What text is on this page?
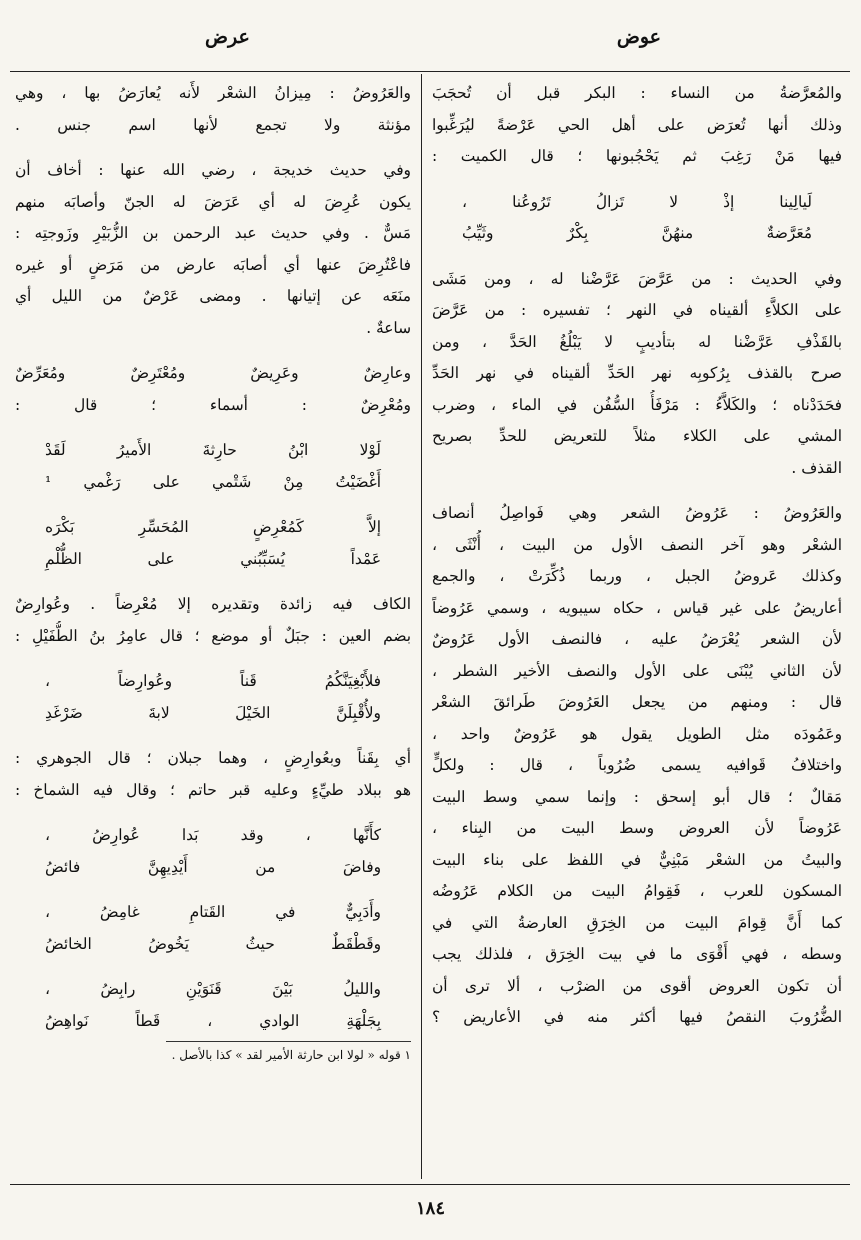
عوض
عرض
والمُعرَّضةُ من النساء : البكر قبل أن تُحجَبَ
وذلك أنها تُعرَض على أهل الحي عَرْضةً ليُرَغِّبوا
فيها مَنْ رَغِبَ ثم يَحْجُبونها ؛ قال الكميت :
لَيالِينا إذْ لا تَزالُ تَرُوعُنا ،
مُعَرَّضةٌ منهُنَّ بِكْرٌ وثَيِّبُ
وفي الحديث : من عَرَّضَ عَرَّضْنا له ، ومن مَشَى
على الكلاَّءِ ألقيناه في النهر ؛ تفسيره : من عَرَّضَ
بالقَذْفِ عَرَّضْنا له بتأديبٍ لا يَبْلُغُ الحَدَّ ، ومن
صرح بالقذف بِرُكوبِه نهر الحَدِّ ألقيناه في نهر الحَدِّ
فحَدَدْناه ؛ والكَلاَّءُ : مَرْفَأُ السُّفُن في الماء ، وضرب
المشي على الكلاء مثلاً للتعريض للحدِّ بصريح
القذف .
والعَرُوضُ : عَرُوضُ الشعر وهي فَواصِلُ أنصاف
الشعْر وهو آخر النصف الأول من البيت ، أُنْثَى ،
وكذلك عَروضُ الجبل ، وربما ذُكِّرَتْ ، والجمع
أعاريضُ على غير قياس ، حكاه سيبويه ، وسمي عَرُوضاً
لأن الشعر يُعْرَضُ عليه ، فالنصف الأول عَرُوضٌ
لأن الثاني يُبْنَى على الأول والنصف الأخير الشطر ،
قال : ومنهم من يجعل العَرُوضَ طَرائقَ الشعْر
وعَمُودَه مثل الطويل يقول هو عَرُوضٌ واحد ،
واختلافُ قَوافيه يسمى ضُرُوباً ، قال : ولكلٍّ
مَقالٌ ؛ قال أبو إسحق : وإنما سمي وسط البيت
عَرُوضاً لأن العروض وسط البيت من البِناء ،
والبيتُ من الشعْر مَبْنِيٌّ في اللفظ على بناء البيت
المسكون للعرب ، فَقِوامُ البيت من الكلام عَرُوضُه
كما أَنَّ قِوامَ البيت من الخِرَقِ العارضةُ التي في
وسطه ، فهي أَقْوَى ما في بيت الخِرَق ، فلذلك يجب
أن تكون العروض أقوى من الضرْب ، ألا ترى أن
الضُّرُوبَ النقصُ فيها أكثر منه في الأعاريض ؟
والعَرُوضُ : مِيزانُ الشعْر لأَنه يُعارَضُ بها ، وهي
مؤنثة ولا تجمع لأنها اسم جنس .
وفي حديث خديجة ، رضي الله عنها : أخاف أن
يكون عُرِضَ له أي عَرَضَ له الجنّ وأصابَه منهم
مَسٌّ . وفي حديث عبد الرحمن بن الزُّبَيْرِ وزَوجتِه :
فاعْتُرِضَ عنها أي أصابَه عارض من مَرَضٍ أو غيره
منَعَه عن إتيانها . ومضى عَرْضٌ من الليل أي
ساعةٌ .
وعارِضٌ وعَرِيضٌ ومُعْتَرِضٌ ومُعَرِّضٌ
ومُعْرِضٌ : أسماء ؛ قال :
لَوْلا ابْنُ حارِثةَ الأَميرُ لَقَدْ
أَغْضَيْتُ مِنْ شَتْمي على رَغْمي ¹
إلاَّ كَمُعْرِضٍ المُحَسِّرِ بَكْرَه
عَمْداً يُسَبِّبُني على الظُّلْمِ
الكاف فيه زائدة وتقديره إلا مُعْرِضاً . وعُوارِضٌ
بضم العين : جبَلٌ أو موضع ؛ قال عامِرُ بنُ الطُّفَيْلِ :
فلأَبْغِيَنَّكُمُ قَناً وعُوارِضاً ،
ولأُقْبِلَنَّ الخَيْلَ لابةَ ضَرْغَدِ
أي بِقَناً وبعُوارِضٍ ، وهما جبلان ؛ قال الجوهري :
هو ببلاد طيِّءٍ وعليه قبر حاتم ؛ وقال فيه الشماخ :
كأَنَّها ، وقد بَدا عُوارِضُ ،
وفاضَ من أَيْدِيهِنَّ فائضُ
وأَدَبِيٌّ في القَتامِ غامِضُ ،
وقَطْقَطٌ حيثُ يَخُوضُ الخائضُ
والليلُ بَيْنَ قَنَوَيْنِ رابِضُ ،
بِجَلْهَةِ الوادي ، قَطاً نَواهِضُ
١ قوله « لولا ابن حارثة الأمير لقد » كذا بالأصل .
١٨٤
